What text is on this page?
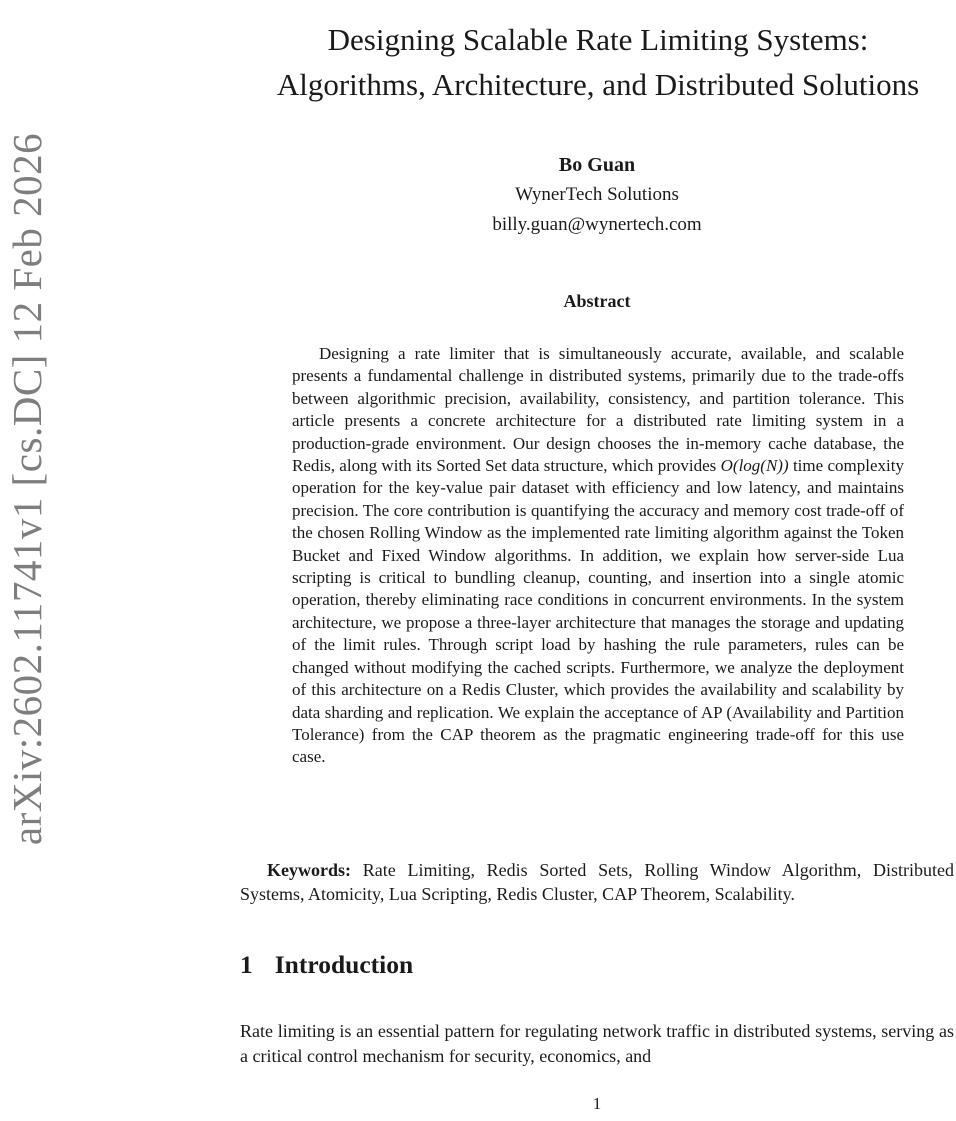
arXiv:2602.11741v1 [cs.DC] 12 Feb 2026
Designing Scalable Rate Limiting Systems: Algorithms, Architecture, and Distributed Solutions
Bo Guan
WynerTech Solutions
billy.guan@wynertech.com
Abstract

Designing a rate limiter that is simultaneously accurate, available, and scalable presents a fundamental challenge in distributed systems, primarily due to the trade-offs between algorithmic precision, availability, consistency, and partition tolerance. This article presents a concrete architecture for a distributed rate limiting system in a production-grade environment. Our design chooses the in-memory cache database, the Redis, along with its Sorted Set data structure, which provides O(log(N)) time complexity operation for the key-value pair dataset with efficiency and low latency, and maintains precision. The core contribution is quantifying the accuracy and memory cost trade-off of the chosen Rolling Window as the implemented rate limiting algorithm against the Token Bucket and Fixed Window algorithms. In addition, we explain how server-side Lua scripting is critical to bundling cleanup, counting, and insertion into a single atomic operation, thereby eliminating race conditions in concurrent environments. In the system architecture, we propose a three-layer architecture that manages the storage and updating of the limit rules. Through script load by hashing the rule parameters, rules can be changed without modifying the cached scripts. Furthermore, we analyze the deployment of this architecture on a Redis Cluster, which provides the availability and scalability by data sharding and replication. We explain the acceptance of AP (Availability and Partition Tolerance) from the CAP theorem as the pragmatic engineering trade-off for this use case.

Keywords: Rate Limiting, Redis Sorted Sets, Rolling Window Algorithm, Distributed Systems, Atomicity, Lua Scripting, Redis Cluster, CAP Theorem, Scalability.

1 Introduction

Rate limiting is an essential pattern for regulating network traffic in distributed systems, serving as a critical control mechanism for security, economics, and

1
